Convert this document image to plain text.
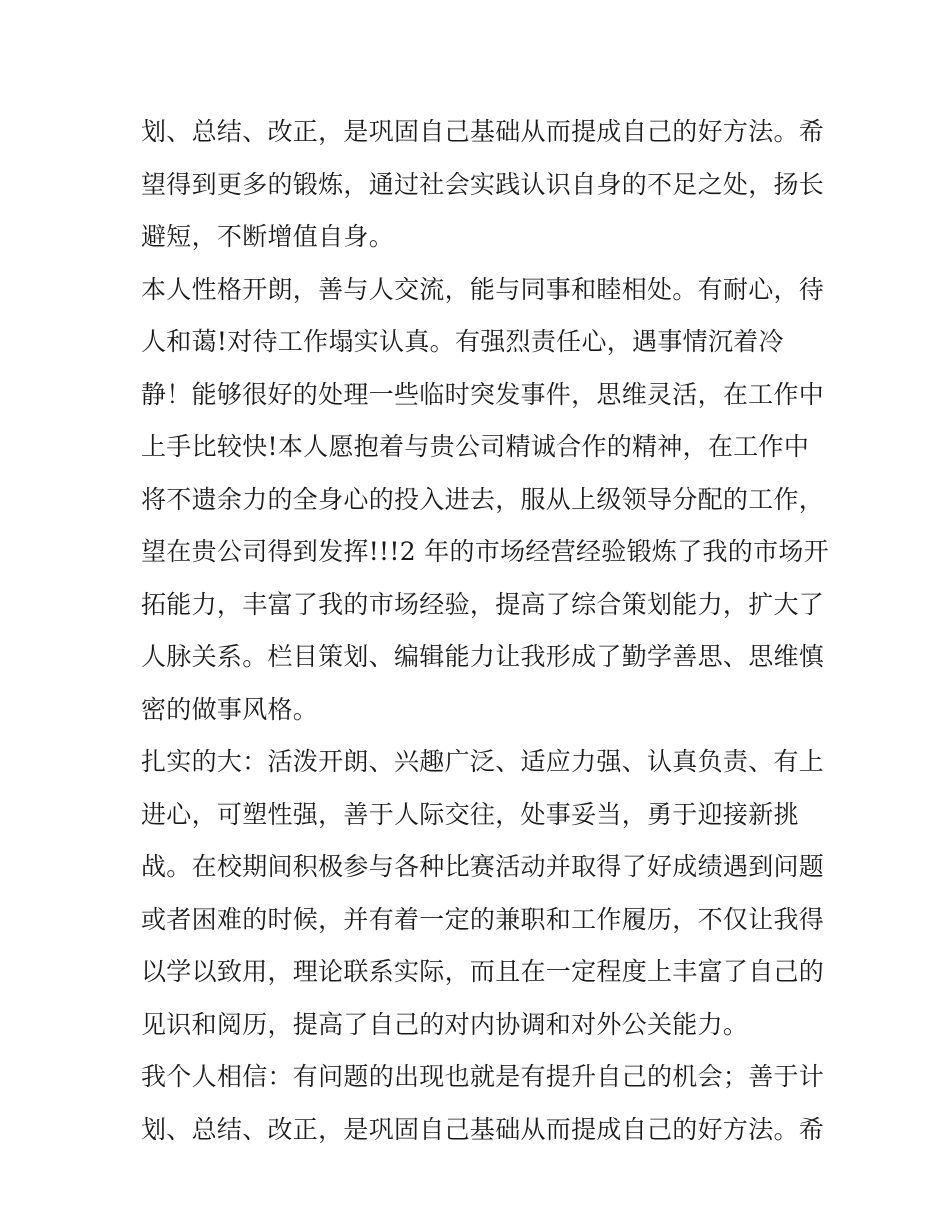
划、总结、改正，是巩固自己基础从而提成自己的好方法。希
望得到更多的锻炼，通过社会实践认识自身的不足之处，扬长
避短，不断增值自身。
本人性格开朗，善与人交流，能与同事和睦相处。有耐心，待
人和蔼!对待工作塌实认真。有强烈责任心，遇事情沉着冷
静！能够很好的处理一些临时突发事件，思维灵活，在工作中
上手比较快!本人愿抱着与贵公司精诚合作的精神，在工作中
将不遗余力的全身心的投入进去，服从上级领导分配的工作，
望在贵公司得到发挥!!!2 年的市场经营经验锻炼了我的市场开
拓能力，丰富了我的市场经验，提高了综合策划能力，扩大了
人脉关系。栏目策划、编辑能力让我形成了勤学善思、思维慎
密的做事风格。
扎实的大：活泼开朗、兴趣广泛、适应力强、认真负责、有上
进心，可塑性强，善于人际交往，处事妥当，勇于迎接新挑
战。在校期间积极参与各种比赛活动并取得了好成绩遇到问题
或者困难的时候，并有着一定的兼职和工作履历，不仅让我得
以学以致用，理论联系实际，而且在一定程度上丰富了自己的
见识和阅历，提高了自己的对内协调和对外公关能力。
我个人相信：有问题的出现也就是有提升自己的机会；善于计
划、总结、改正，是巩固自己基础从而提成自己的好方法。希
